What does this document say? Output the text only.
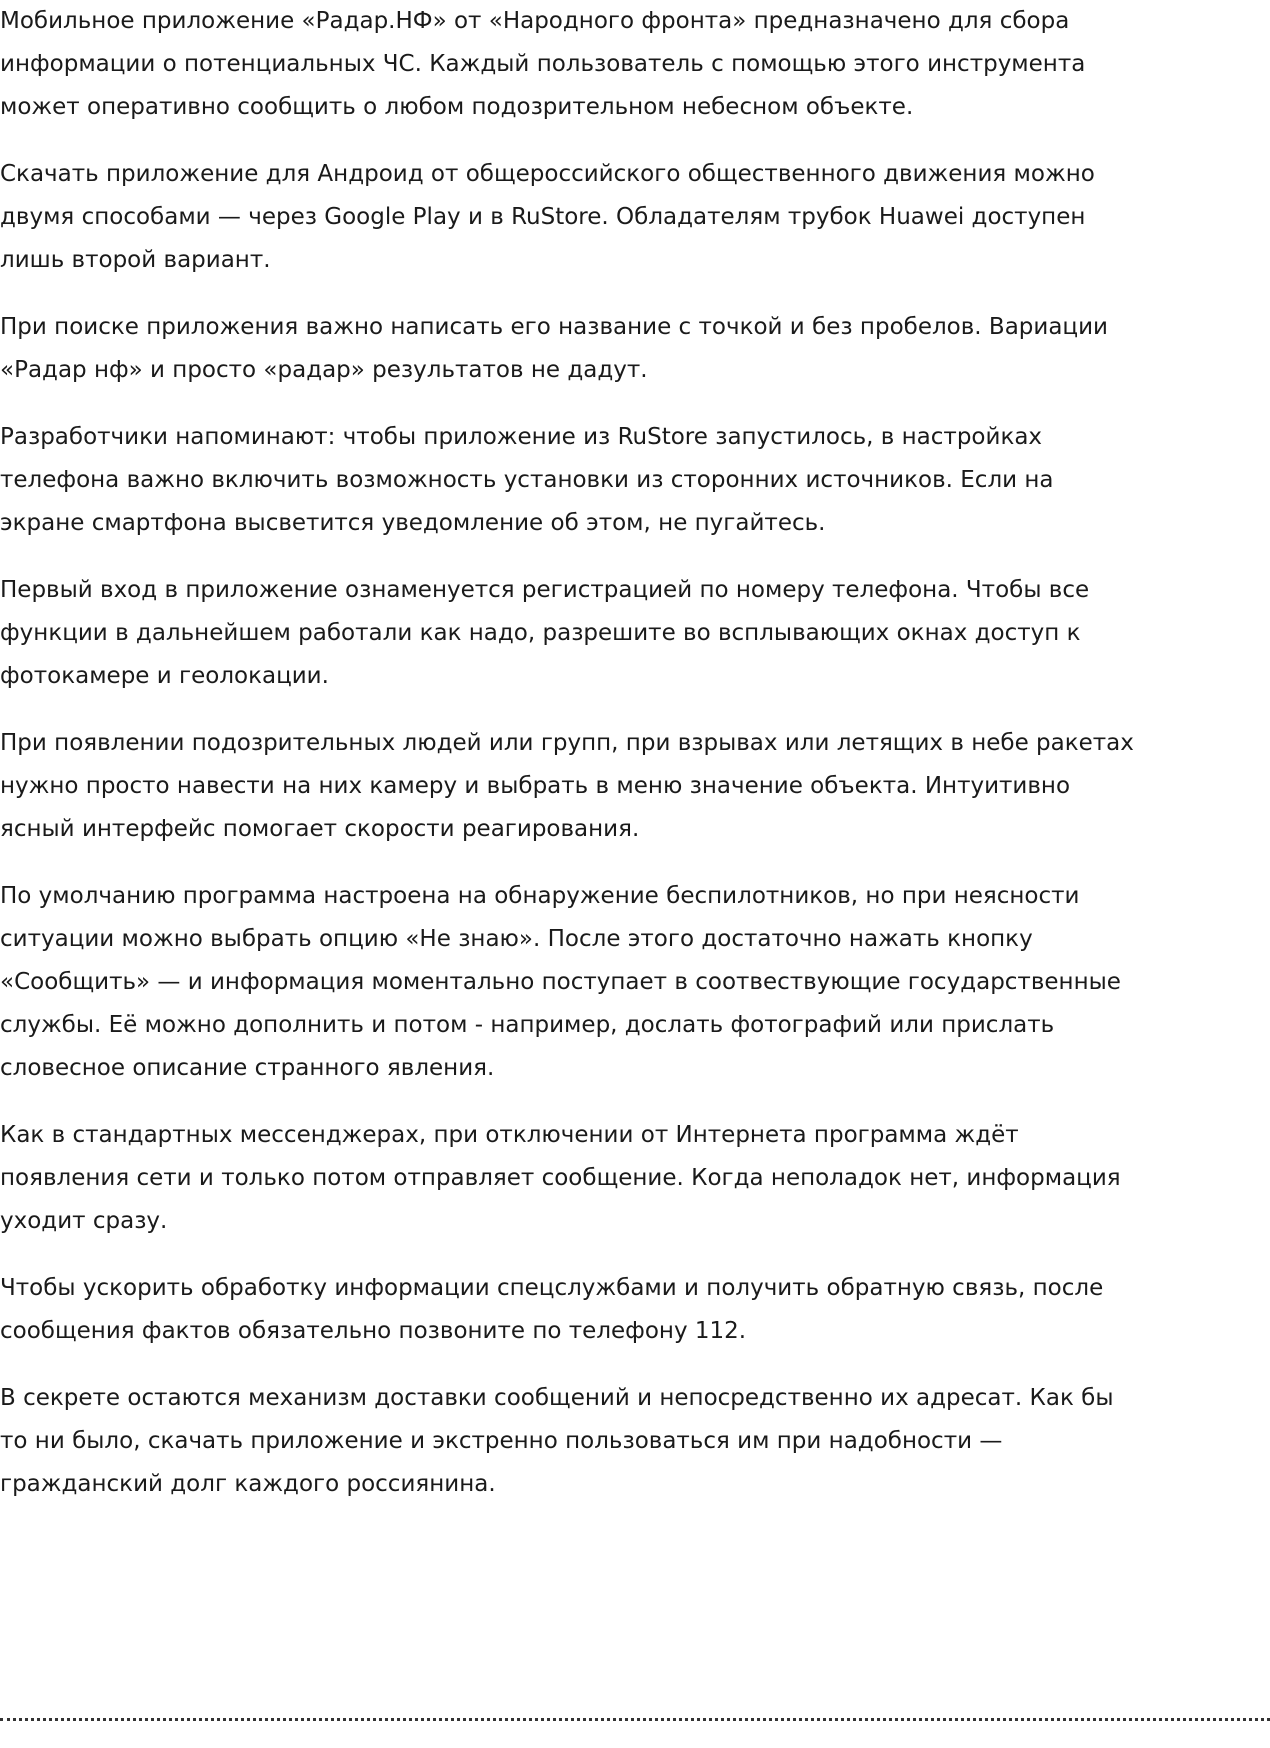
Мобильное приложение «Радар.НФ» от «Народного фронта» предназначено для сбора информации о потенциальных ЧС. Каждый пользователь с помощью этого инструмента может оперативно сообщить о любом подозрительном небесном объекте.

Скачать приложение для Андроид от общероссийского общественного движения можно двумя способами — через Google Play и в RuStore. Обладателям трубок Huawei доступен лишь второй вариант.

При поиске приложения важно написать его название с точкой и без пробелов. Вариации «Радар нф» и просто «радар» результатов не дадут.

Разработчики напоминают: чтобы приложение из RuStore запустилось, в настройках телефона важно включить возможность установки из сторонних источников. Если на экране смартфона высветится уведомление об этом, не пугайтесь.

Первый вход в приложение ознаменуется регистрацией по номеру телефона. Чтобы все функции в дальнейшем работали как надо, разрешите во всплывающих окнах доступ к фотокамере и геолокации.

При появлении подозрительных людей или групп, при взрывах или летящих в небе ракетах нужно просто навести на них камеру и выбрать в меню значение объекта. Интуитивно ясный интерфейс помогает скорости реагирования.

По умолчанию программа настроена на обнаружение беспилотников, но при неясности ситуации можно выбрать опцию «Не знаю». После этого достаточно нажать кнопку «Сообщить» — и информация моментально поступает в соотвествующие государственные службы. Её можно дополнить и потом - например, дослать фотографий или прислать словесное описание странного явления.

Как в стандартных мессенджерах, при отключении от Интернета программа ждёт появления сети и только потом отправляет сообщение. Когда неполадок нет, информация уходит сразу.

Чтобы ускорить обработку информации спецслужбами и получить обратную связь, после сообщения фактов обязательно позвоните по телефону 112.

В секрете остаются механизм доставки сообщений и непосредственно их адресат. Как бы то ни было, скачать приложение и экстренно пользоваться им при надобности — гражданский долг каждого россиянина.
